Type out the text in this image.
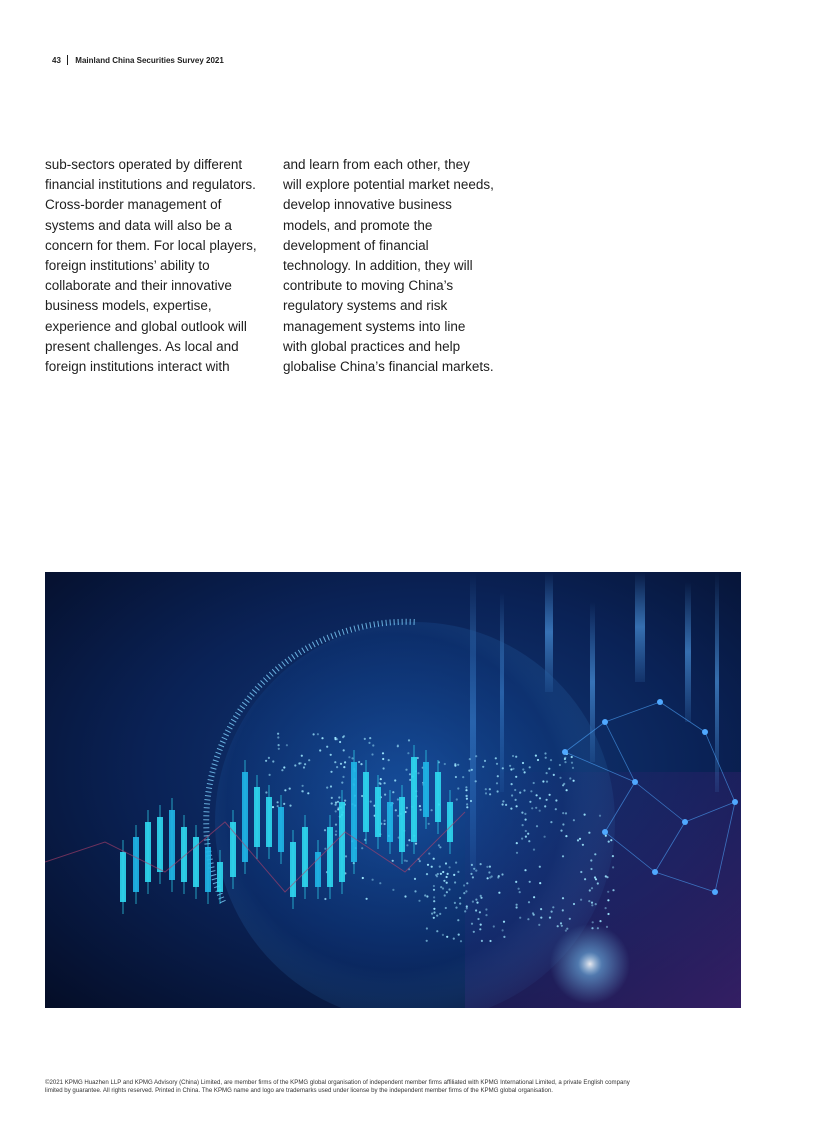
43 Mainland China Securities Survey 2021
sub-sectors operated by different
financial institutions and regulators.
Cross-border management of
systems and data will also be a
concern for them. For local players,
foreign institutions’ ability to
collaborate and their innovative
business models, expertise,
experience and global outlook will
present challenges. As local and
foreign institutions interact with
and learn from each other, they
will explore potential market needs,
develop innovative business
models, and promote the
development of financial
technology. In addition, they will
contribute to moving China’s
regulatory systems and risk
management systems into line
with global practices and help
globalise China’s financial markets.
©2021 KPMG Huazhen LLP and KPMG Advisory (China) Limited, are member firms of the KPMG global organisation of independent member firms affiliated with KPMG International Limited, a private English company
limited by guarantee. All rights reserved. Printed in China. The KPMG name and logo are trademarks used under license by the independent member firms of the KPMG global organisation.
